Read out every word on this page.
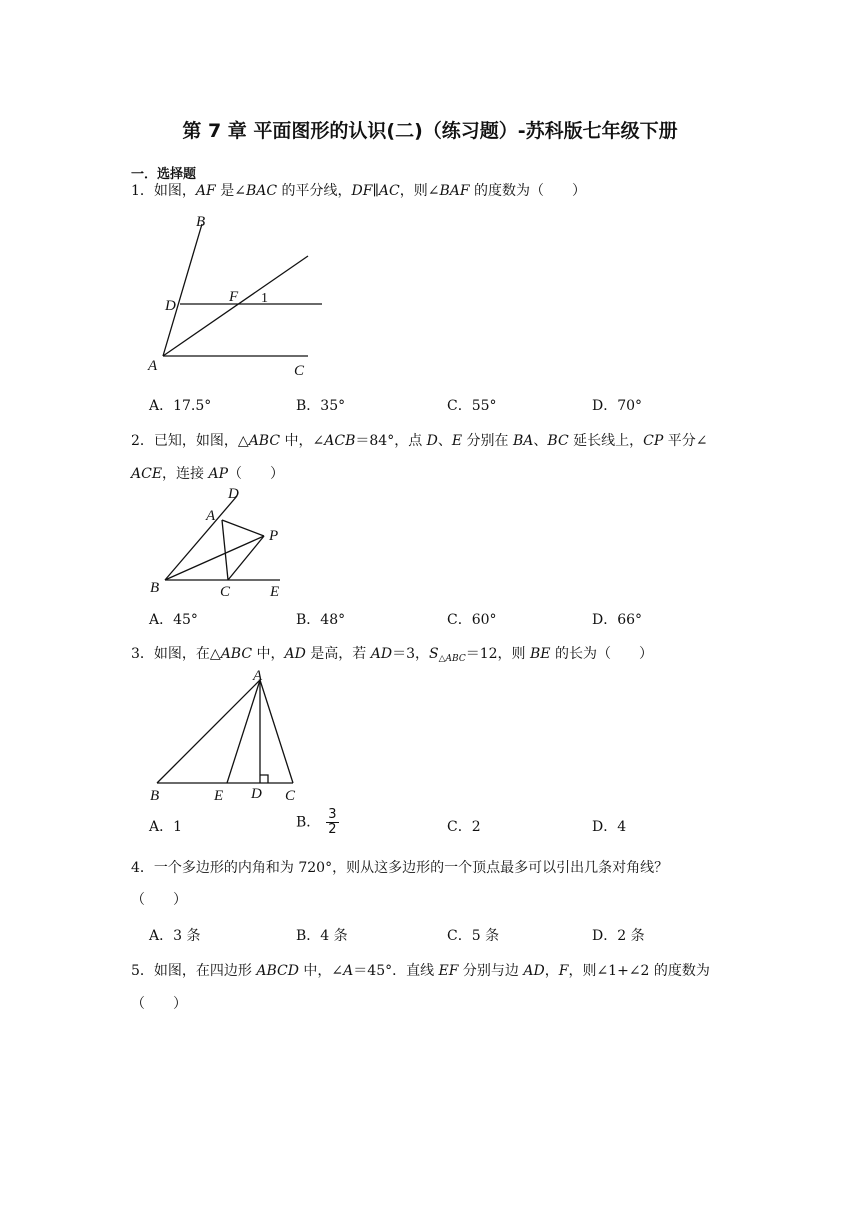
第 7 章 平面图形的认识(二)（练习题）-苏科版七年级下册
一．选择题
1．如图，AF 是∠BAC 的平分线，DF∥AC，则∠BAF 的度数为（　　）
B
D
F 1
A	C
A．17.5°	B．35°	C．55°	D．70°
2．已知，如图，△ABC 中，∠ACB＝84°，点 D、E 分别在 BA、BC 延长线上，CP 平分∠
ACE，连接 AP（　　）
D
A
P
B	C	E
A．45°	B．48°	C．60°	D．66°
3．如图，在△ABC 中，AD 是高，若 AD＝3，$S_{\triangle ABC}=12$，则 BE 的长为（　　）
A
B	E D C
A．1	B． $\frac{3}{2}$	C．2	D．4
4．一个多边形的内角和为 720°，则从这多边形的一个顶点最多可以引出几条对角线？
（　　）
A．3 条	B．4 条	C．5 条	D．2 条
5．如图，在四边形 ABCD 中，∠A＝45°．直线 EF 分别与边 AD，F，则∠1+∠2 的度数为
（　　）
